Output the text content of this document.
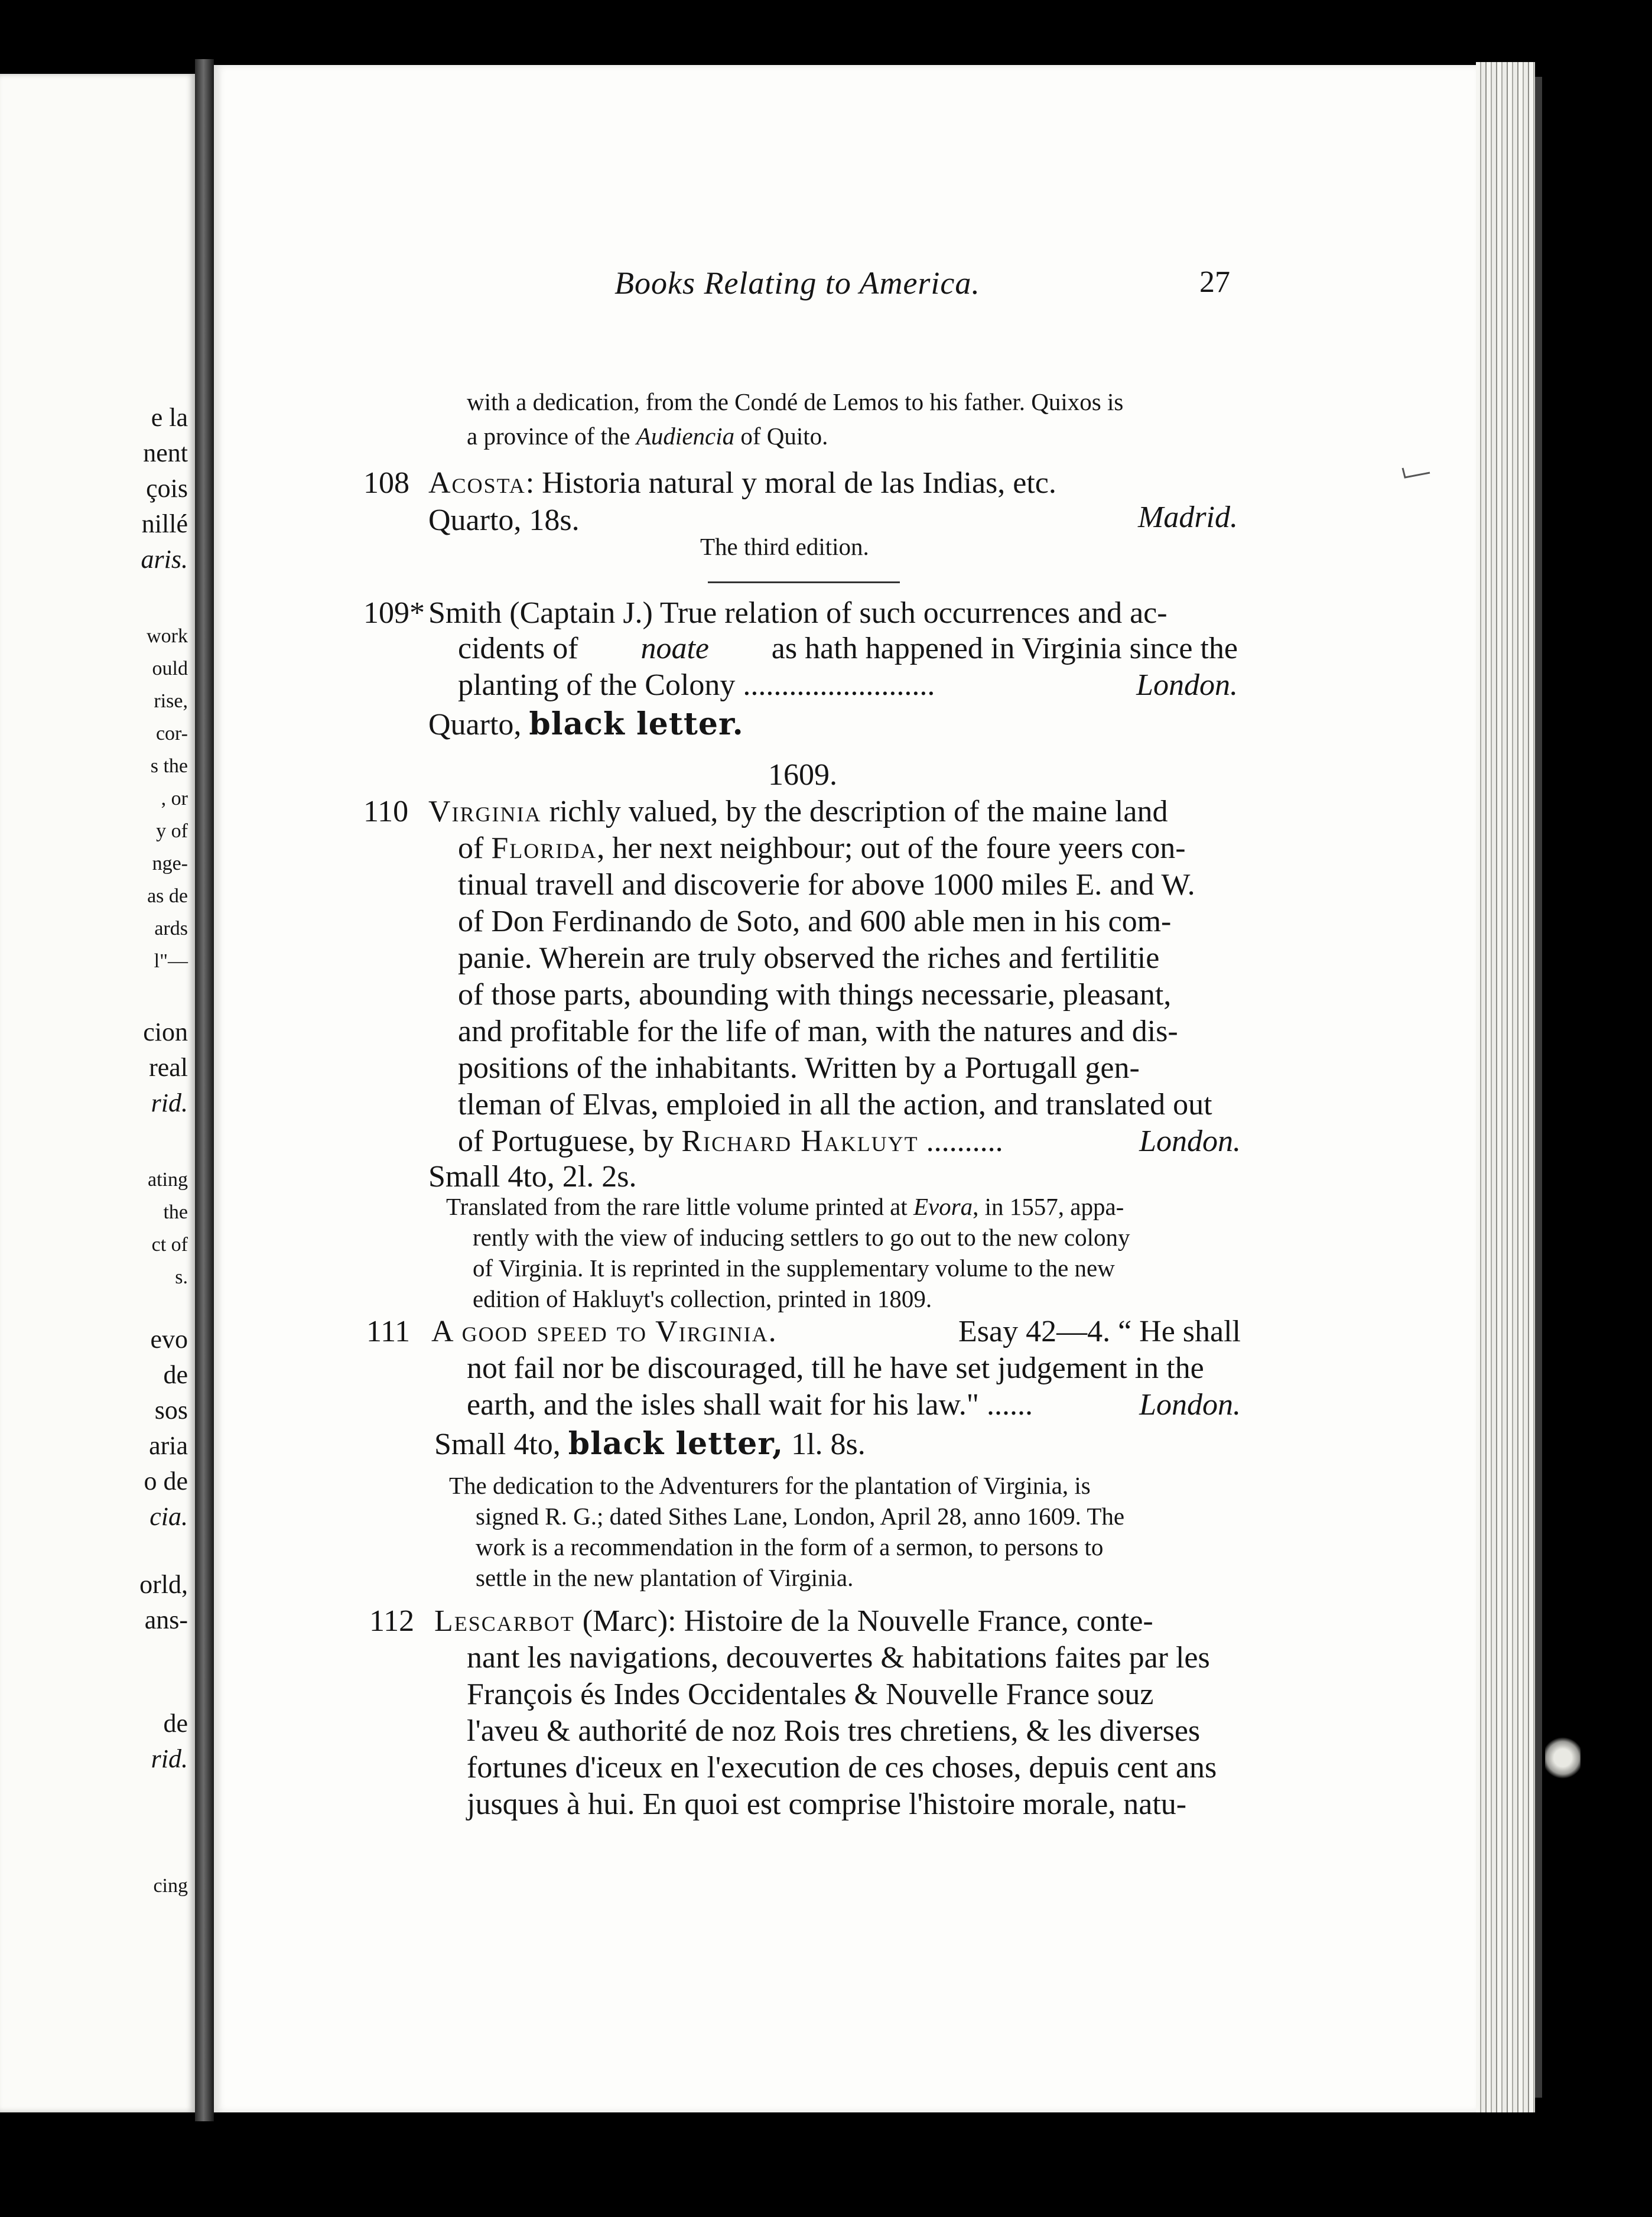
e la
nent
çois
nillé
aris.
work
ould
rise,
cor-
s the
, or
y of
nge-
as de
ards
l"—
cion
real
rid.
ating
the
ct of
s.
evo
de
sos
aria
o de
cia.
orld,
ans-
de
rid.
cing
Books Relating to America.	27
with a dedication, from the Condé de Lemos to his father. Quixos is
a province of the Audiencia of Quito.
108 Acosta: Historia natural y moral de las Indias, etc.
Quarto, 18s.	Madrid.
The third edition.
109* Smith (Captain J.) True relation of such occurrences and ac-
cidents of noate as hath happened in Virginia since the
planting of the Colony .........................	London.
Quarto, black letter.
1609.
110 Virginia richly valued, by the description of the maine land
of Florida, her next neighbour; out of the foure yeers con-
tinual travell and discoverie for above 1000 miles E. and W.
of Don Ferdinando de Soto, and 600 able men in his com-
panie. Wherein are truly observed the riches and fertilitie
of those parts, abounding with things necessarie, pleasant,
and profitable for the life of man, with the natures and dis-
positions of the inhabitants. Written by a Portugall gen-
tleman of Elvas, emploied in all the action, and translated out
of Portuguese, by Richard Hakluyt ..........	London.
Small 4to, 2l. 2s.
Translated from the rare little volume printed at Evora, in 1557, appa-
rently with the view of inducing settlers to go out to the new colony
of Virginia. It is reprinted in the supplementary volume to the new
edition of Hakluyt's collection, printed in 1809.
111 A good speed to Virginia.	Esay 42—4. “ He shall
not fail nor be discouraged, till he have set judgement in the
earth, and the isles shall wait for his law." ......	London.
Small 4to, black letter, 1l. 8s.
The dedication to the Adventurers for the plantation of Virginia, is
signed R. G.; dated Sithes Lane, London, April 28, anno 1609. The
work is a recommendation in the form of a sermon, to persons to
settle in the new plantation of Virginia.
112 Lescarbot (Marc): Histoire de la Nouvelle France, conte-
nant les navigations, decouvertes & habitations faites par les
François és Indes Occidentales & Nouvelle France souz
l'aveu & authorité de noz Rois tres chretiens, & les diverses
fortunes d'iceux en l'execution de ces choses, depuis cent ans
jusques à hui. En quoi est comprise l'histoire morale, natu-
